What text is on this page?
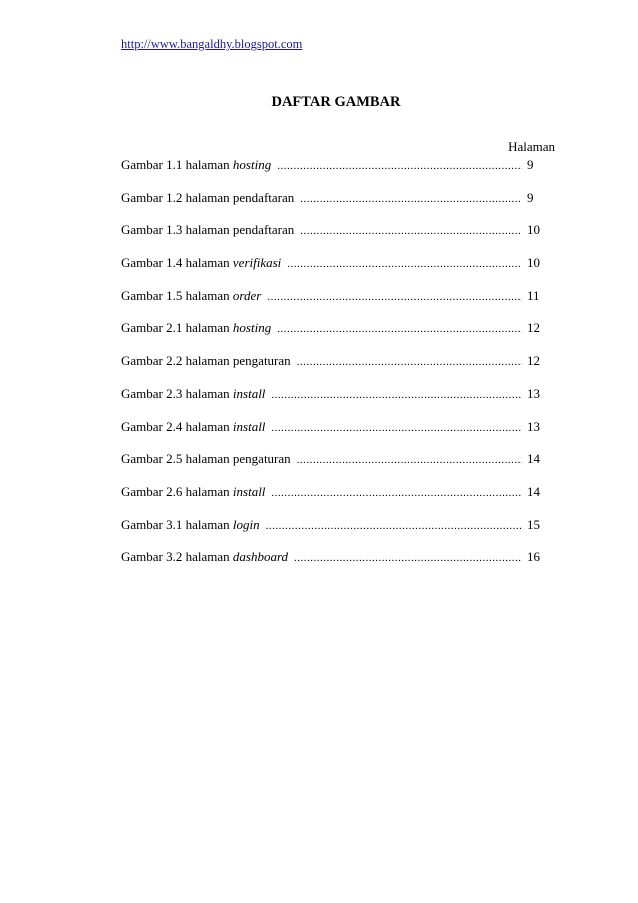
http://www.bangaldhy.blogspot.com
DAFTAR GAMBAR
Halaman
Gambar 1.1 halaman hosting .....	9
Gambar 1.2 halaman pendaftaran .....	9
Gambar 1.3 halaman pendaftaran .....	10
Gambar 1.4 halaman verifikasi .....	10
Gambar 1.5 halaman order .....	11
Gambar 2.1 halaman hosting .....	12
Gambar 2.2 halaman pengaturan .....	12
Gambar 2.3 halaman install .....	13
Gambar 2.4 halaman install .....	13
Gambar 2.5 halaman pengaturan .....	14
Gambar 2.6 halaman install .....	14
Gambar 3.1 halaman login .....	15
Gambar 3.2 halaman dashboard .....	16
